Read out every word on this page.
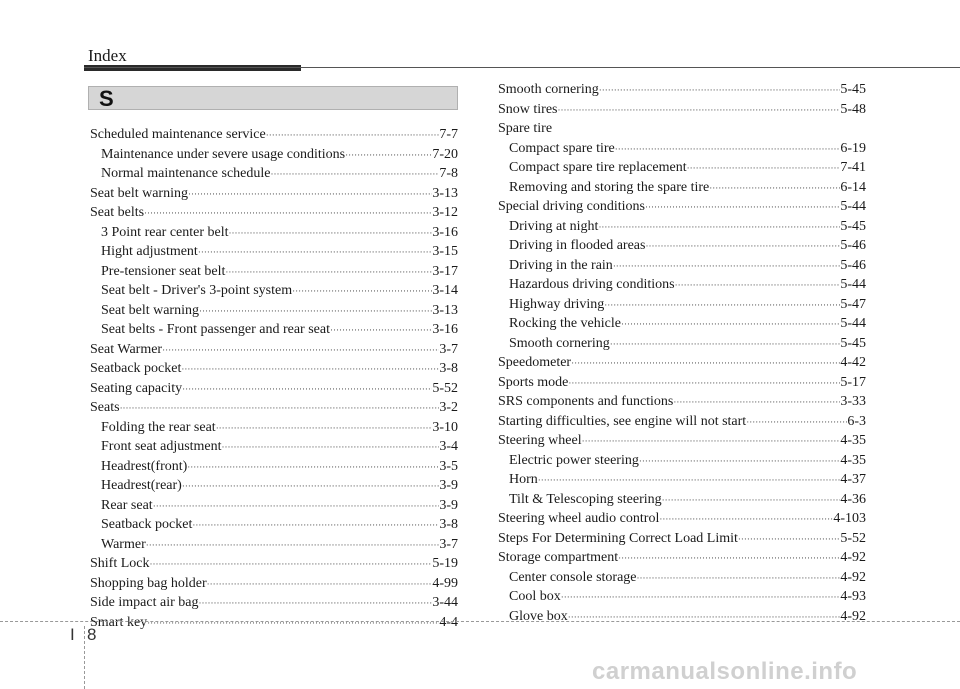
Index
S
Scheduled maintenance service ·····	7-7
Maintenance under severe usage conditions ·····	7-20
Normal maintenance schedule ·····	7-8
Seat belt warning ·····	3-13
Seat belts ·····	3-12
3 Point rear center belt ·····	3-16
Hight adjustment ·····	3-15
Pre-tensioner seat belt ·····	3-17
Seat belt - Driver's 3-point system ·····	3-14
Seat belt warning ·····	3-13
Seat belts - Front passenger and rear seat ·····	3-16
Seat Warmer ·····	3-7
Seatback pocket ·····	3-8
Seating capacity ·····	5-52
Seats ·····	3-2
Folding the rear seat ·····	3-10
Front seat adjustment ·····	3-4
Headrest(front) ·····	3-5
Headrest(rear) ·····	3-9
Rear seat ·····	3-9
Seatback pocket ·····	3-8
Warmer ·····	3-7
Shift Lock ·····	5-19
Shopping bag holder ·····	4-99
Side impact air bag ·····	3-44
Smart key ·····	4-4
Smooth cornering ·····	5-45
Snow tires ·····	5-48
Spare tire
Compact spare tire ·····	6-19
Compact spare tire replacement ·····	7-41
Removing and storing the spare tire ·····	6-14
Special driving conditions ·····	5-44
Driving at night ·····	5-45
Driving in flooded areas ·····	5-46
Driving in the rain ·····	5-46
Hazardous driving conditions ·····	5-44
Highway driving ·····	5-47
Rocking the vehicle ·····	5-44
Smooth cornering ·····	5-45
Speedometer ·····	4-42
Sports mode ·····	5-17
SRS components and functions ·····	3-33
Starting difficulties, see engine will not start ·····	6-3
Steering wheel ·····	4-35
Electric power steering ·····	4-35
Horn ·····	4-37
Tilt & Telescoping steering ·····	4-36
Steering wheel audio control ·····	4-103
Steps For Determining Correct Load Limit ·····	5-52
Storage compartment ·····	4-92
Center console storage ·····	4-92
Cool box ·····	4-93
Glove box ·····	4-92
I 8
carmanualsonline.info
